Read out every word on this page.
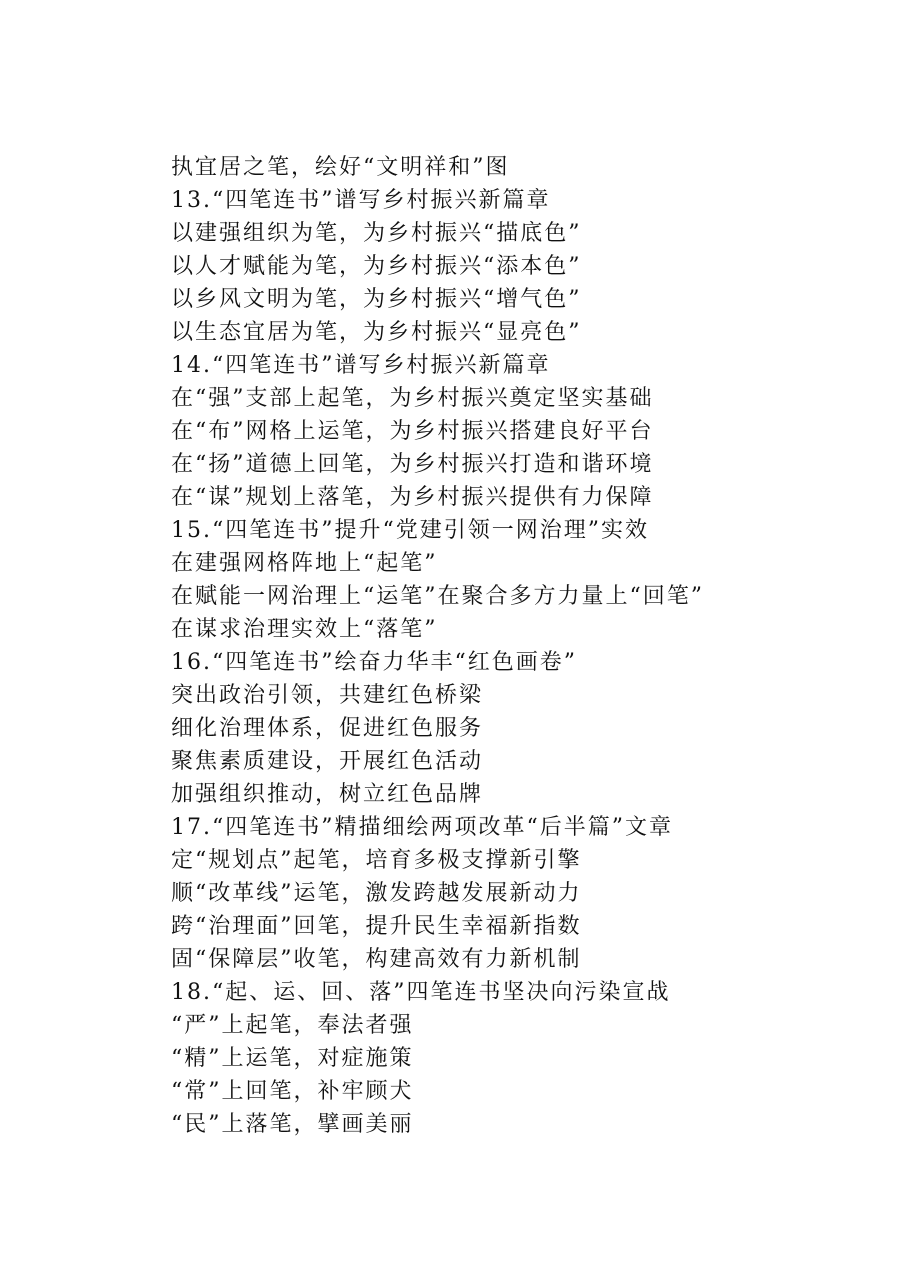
执宜居之笔，绘好“文明祥和”图
13.“四笔连书”谱写乡村振兴新篇章
以建强组织为笔，为乡村振兴“描底色”
以人才赋能为笔，为乡村振兴“添本色”
以乡风文明为笔，为乡村振兴“增气色”
以生态宜居为笔，为乡村振兴“显亮色”
14.“四笔连书”谱写乡村振兴新篇章
在“强”支部上起笔，为乡村振兴奠定坚实基础
在“布”网格上运笔，为乡村振兴搭建良好平台
在“扬”道德上回笔，为乡村振兴打造和谐环境
在“谋”规划上落笔，为乡村振兴提供有力保障
15.“四笔连书”提升“党建引领一网治理”实效
在建强网格阵地上“起笔”
在赋能一网治理上“运笔”在聚合多方力量上“回笔”
在谋求治理实效上“落笔”
16.“四笔连书”绘奋力华丰“红色画卷”
突出政治引领，共建红色桥梁
细化治理体系，促进红色服务
聚焦素质建设，开展红色活动
加强组织推动，树立红色品牌
17.“四笔连书”精描细绘两项改革“后半篇”文章
定“规划点”起笔，培育多极支撑新引擎
顺“改革线”运笔，激发跨越发展新动力
跨“治理面”回笔，提升民生幸福新指数
固“保障层”收笔，构建高效有力新机制
18.“起、运、回、落”四笔连书坚决向污染宣战
“严”上起笔，奉法者强
“精”上运笔，对症施策
“常”上回笔，补牢顾犬
“民”上落笔，擘画美丽
